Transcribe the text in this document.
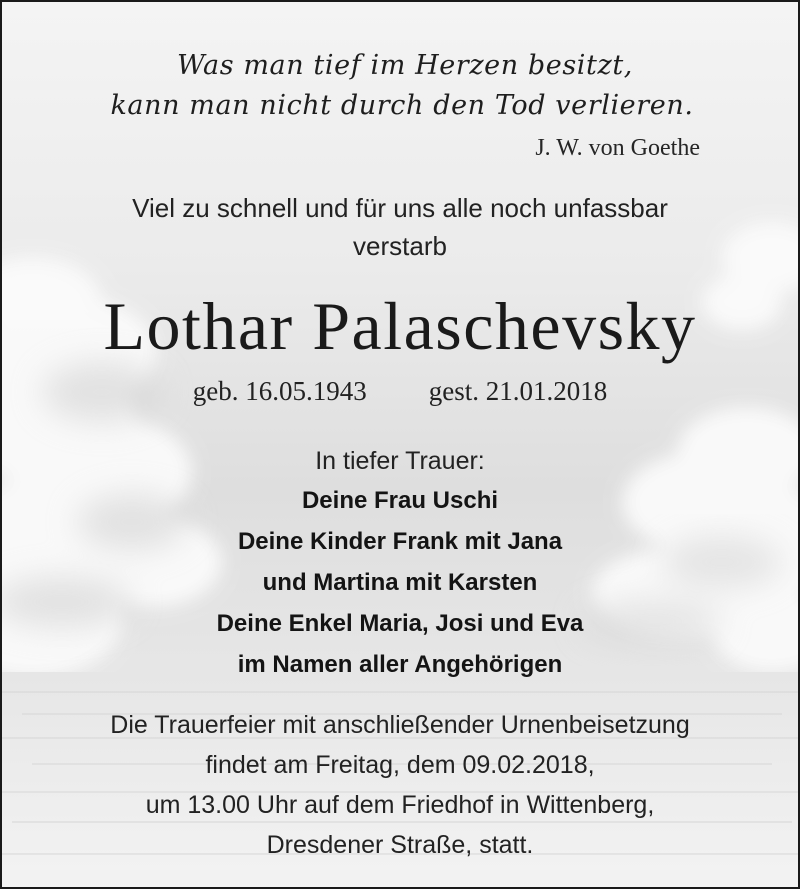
Was man tief im Herzen besitzt,
kann man nicht durch den Tod verlieren.
J. W. von Goethe
Viel zu schnell und für uns alle noch unfassbar
verstarb
Lothar Palaschevsky
geb. 16.05.1943 gest. 21.01.2018
In tiefer Trauer:
Deine Frau Uschi
Deine Kinder Frank mit Jana
und Martina mit Karsten
Deine Enkel Maria, Josi und Eva
im Namen aller Angehörigen
Die Trauerfeier mit anschließender Urnenbeisetzung
findet am Freitag, dem 09.02.2018,
um 13.00 Uhr auf dem Friedhof in Wittenberg,
Dresdener Straße, statt.
